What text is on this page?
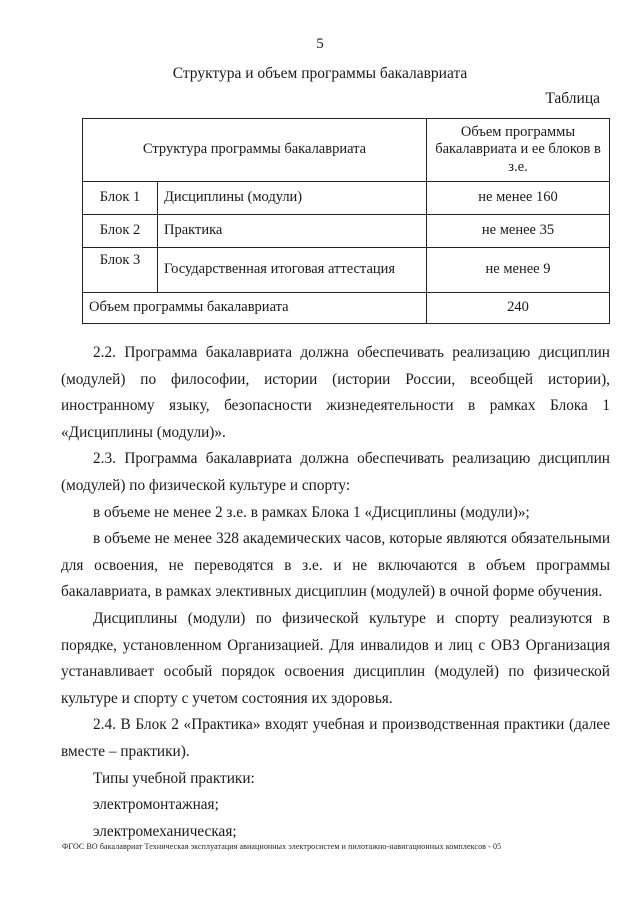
5
Структура и объем программы бакалавриата
Таблица
Структура программы бакалавриата		Объем программы бакалавриата и ее блоков в з.е.
Блок 1	Дисциплины (модули)	не менее 160
Блок 2	Практика	не менее 35
Блок 3	Государственная итоговая аттестация	не менее 9
Объем программы бакалавриата		240

2.2. Программа бакалавриата должна обеспечивать реализацию дисциплин (модулей) по философии, истории (истории России, всеобщей истории), иностранному языку, безопасности жизнедеятельности в рамках Блока 1 «Дисциплины (модули)».

2.3. Программа бакалавриата должна обеспечивать реализацию дисциплин (модулей) по физической культуре и спорту:

в объеме не менее 2 з.е. в рамках Блока 1 «Дисциплины (модули)»;

в объеме не менее 328 академических часов, которые являются обязательными для освоения, не переводятся в з.е. и не включаются в объем программы бакалавриата, в рамках элективных дисциплин (модулей) в очной форме обучения.

Дисциплины (модули) по физической культуре и спорту реализуются в порядке, установленном Организацией. Для инвалидов и лиц с ОВЗ Организация устанавливает особый порядок освоения дисциплин (модулей) по физической культуре и спорту с учетом состояния их здоровья.

2.4. В Блок 2 «Практика» входят учебная и производственная практики (далее вместе – практики).

Типы учебной практики:

электромонтажная;

электромеханическая;

ФГОС ВО бакалавриат Техническая эксплуатация авиационных электросистем и пилотажно-навигационных комплексов - 05
